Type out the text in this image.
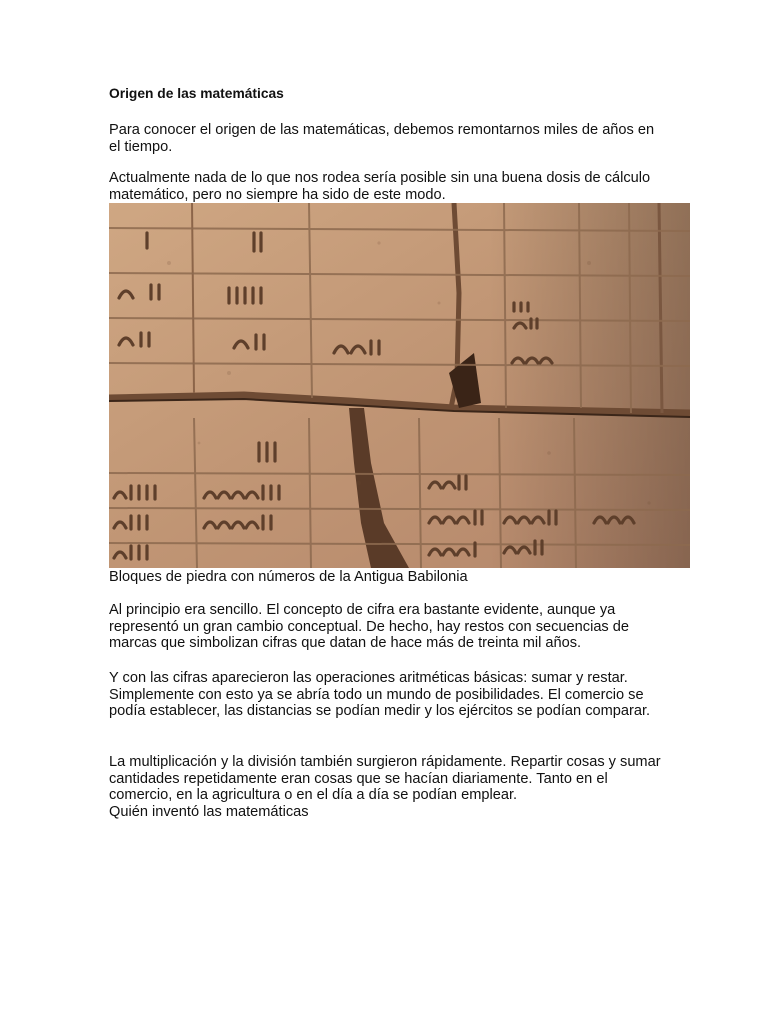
Origen de las matemáticas

Para conocer el origen de las matemáticas, debemos remontarnos miles de años en el tiempo.

Actualmente nada de lo que nos rodea sería posible sin una buena dosis de cálculo matemático, pero no siempre ha sido de este modo.

Bloques de piedra con números de la Antigua Babilonia

Al principio era sencillo. El concepto de cifra era bastante evidente, aunque ya representó un gran cambio conceptual. De hecho, hay restos con secuencias de marcas que simbolizan cifras que datan de hace más de treinta mil años.

Y con las cifras aparecieron las operaciones aritméticas básicas: sumar y restar. Simplemente con esto ya se abría todo un mundo de posibilidades. El comercio se podía establecer, las distancias se podían medir y los ejércitos se podían comparar.

La multiplicación y la división también surgieron rápidamente. Repartir cosas y sumar cantidades repetidamente eran cosas que se hacían diariamente. Tanto en el comercio, en la agricultura o en el día a día se podían emplear.

Quién inventó las matemáticas
